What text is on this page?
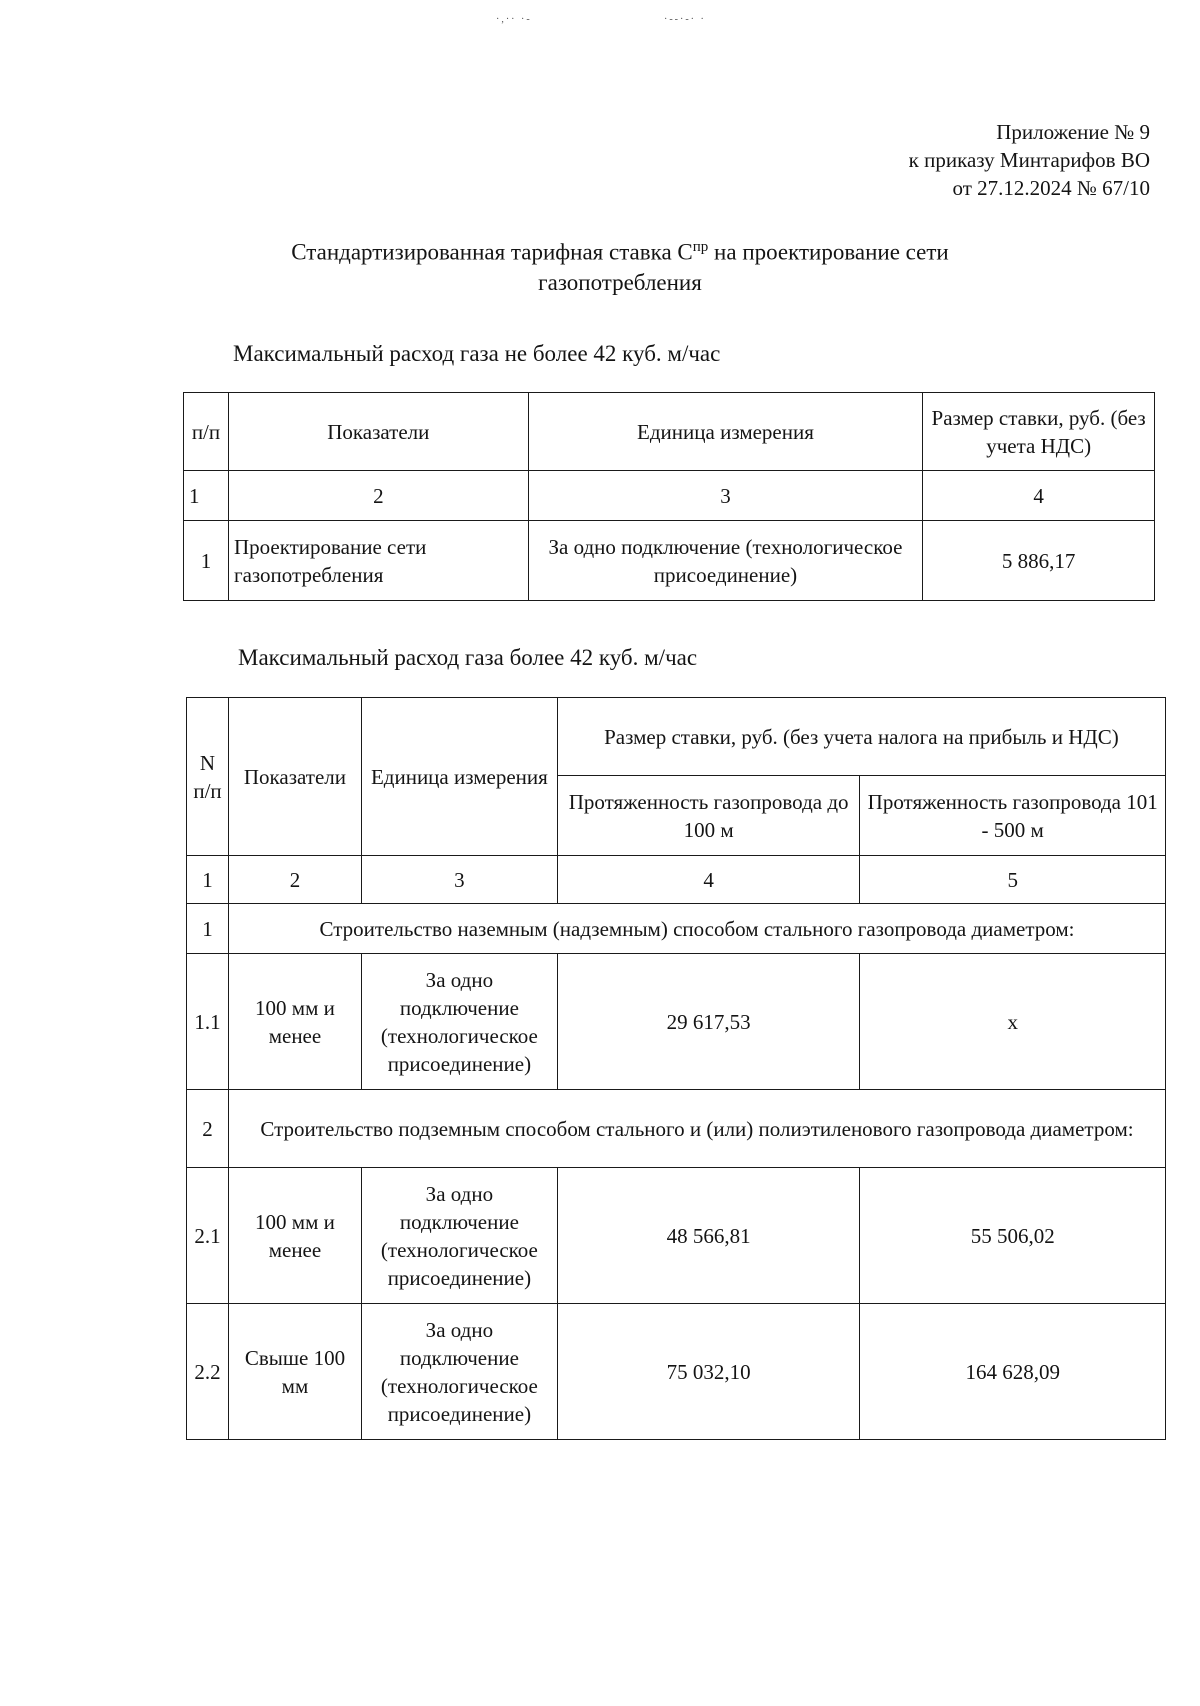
·,·· ·-	·--·-· ·
Приложение № 9
к приказу Минтарифов ВО
от 27.12.2024 № 67/10
Стандартизированная тарифная ставка $С^{пр}$ на проектирование сети
газопотребления
Максимальный расход газа не более 42 куб. м/час
п/п	Показатели	Единица измерения	Размер ставки, руб. (без учета НДС)
1	2	3	4
1	Проектирование сети газопотребления	За одно подключение (технологическое присоединение)	5 886,17
Максимальный расход газа более 42 куб. м/час
N п/п	Показатели	Единица измерения	Размер ставки, руб. (без учета налога на прибыль и НДС)	
			Протяженность газопровода до 100 м	Протяженность газопровода 101 - 500 м
1	2	3	4	5
1	Строительство наземным (надземным) способом стального газопровода диаметром:			
1.1	100 мм и менее	За одно подключение (технологическое присоединение)	29 617,53	х
2	Строительство подземным способом стального и (или) полиэтиленового газопровода диаметром:			
2.1	100 мм и менее	За одно подключение (технологическое присоединение)	48 566,81	55 506,02
2.2	Свыше 100 мм	За одно подключение (технологическое присоединение)	75 032,10	164 628,09
